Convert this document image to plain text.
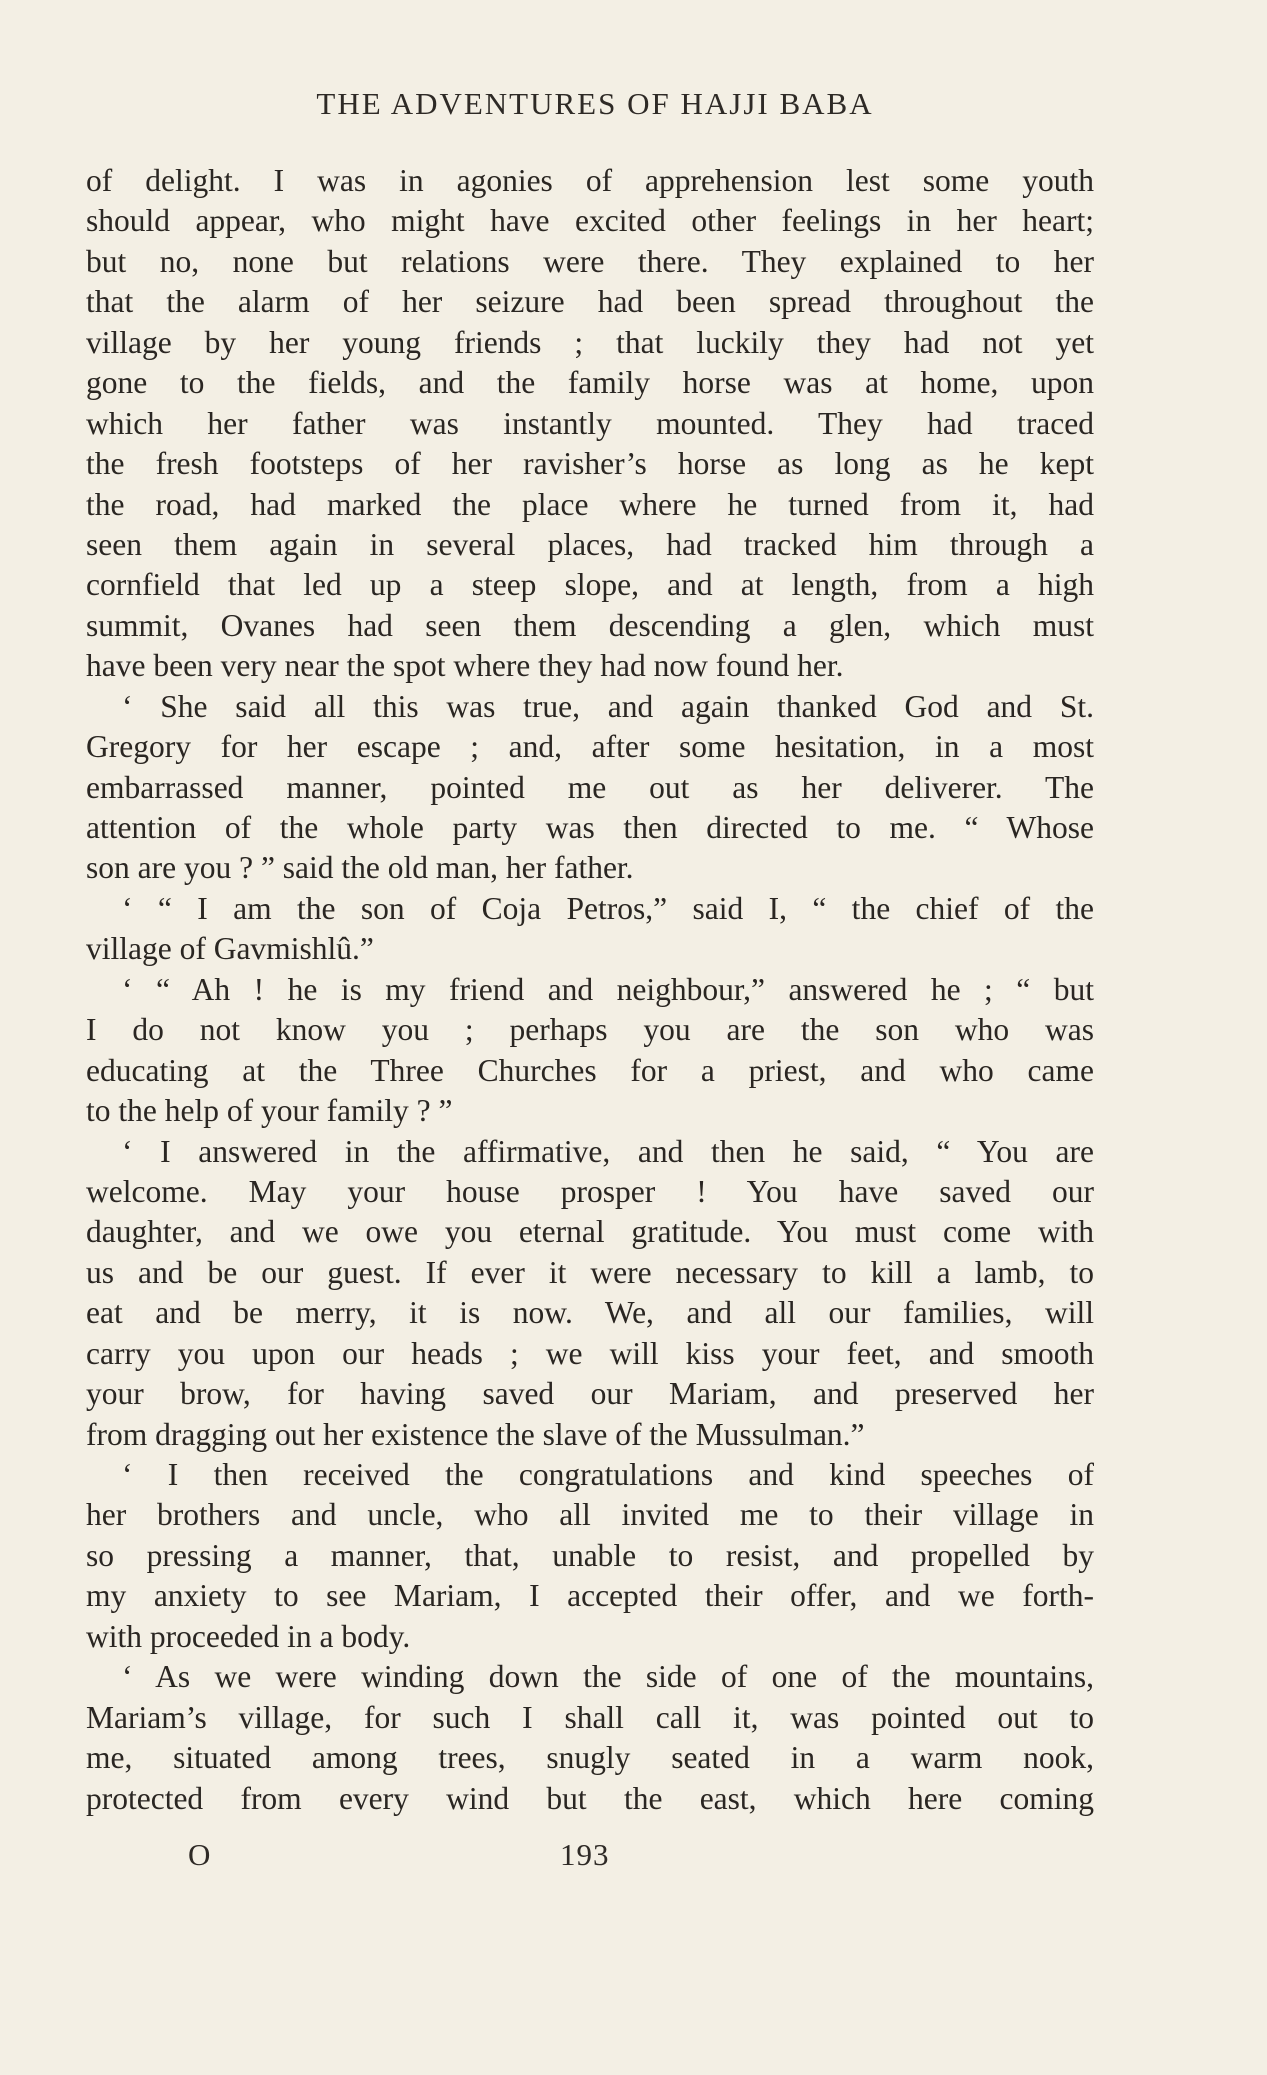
THE ADVENTURES OF HAJJI BABA
of delight. I was in agonies of apprehension lest some youth
should appear, who might have excited other feelings in her heart;
but no, none but relations were there. They explained to her
that the alarm of her seizure had been spread throughout the
village by her young friends ; that luckily they had not yet
gone to the fields, and the family horse was at home, upon
which her father was instantly mounted. They had traced
the fresh footsteps of her ravisher’s horse as long as he kept
the road, had marked the place where he turned from it, had
seen them again in several places, had tracked him through a
cornfield that led up a steep slope, and at length, from a high
summit, Ovanes had seen them descending a glen, which must
have been very near the spot where they had now found her.
‘ She said all this was true, and again thanked God and St.
Gregory for her escape ; and, after some hesitation, in a most
embarrassed manner, pointed me out as her deliverer. The
attention of the whole party was then directed to me. “ Whose
son are you ? ” said the old man, her father.
‘ “ I am the son of Coja Petros,” said I, “ the chief of the
village of Gavmishlû.”
‘ “ Ah ! he is my friend and neighbour,” answered he ; “ but
I do not know you ; perhaps you are the son who was
educating at the Three Churches for a priest, and who came
to the help of your family ? ”
‘ I answered in the affirmative, and then he said, “ You are
welcome. May your house prosper ! You have saved our
daughter, and we owe you eternal gratitude. You must come with
us and be our guest. If ever it were necessary to kill a lamb, to
eat and be merry, it is now. We, and all our families, will
carry you upon our heads ; we will kiss your feet, and smooth
your brow, for having saved our Mariam, and preserved her
from dragging out her existence the slave of the Mussulman.”
‘ I then received the congratulations and kind speeches of
her brothers and uncle, who all invited me to their village in
so pressing a manner, that, unable to resist, and propelled by
my anxiety to see Mariam, I accepted their offer, and we forth-
with proceeded in a body.
‘ As we were winding down the side of one of the mountains,
Mariam’s village, for such I shall call it, was pointed out to
me, situated among trees, snugly seated in a warm nook,
protected from every wind but the east, which here coming
O	193
